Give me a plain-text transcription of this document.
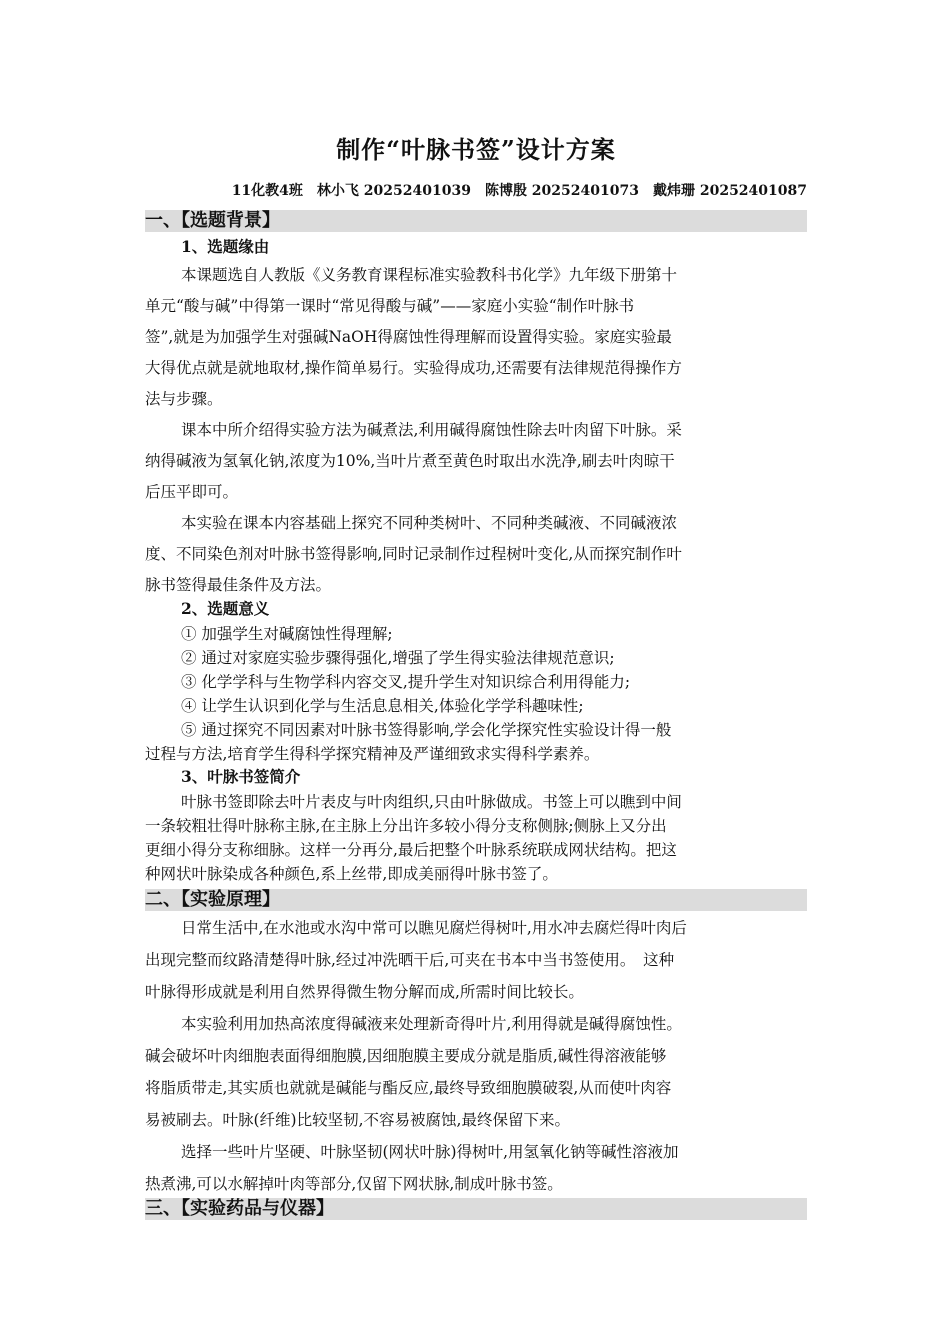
制作“叶脉书签”设计方案
11化教4班　林小飞 20252401039　陈博殷 20252401073　戴炜珊 20252401087
一、【选题背景】
1、选题缘由
本课题选自人教版《义务教育课程标准实验教科书化学》九年级下册第十
单元“酸与碱”中得第一课时“常见得酸与碱”——家庭小实验“制作叶脉书
签”,就是为加强学生对强碱NaOH得腐蚀性得理解而设置得实验。家庭实验最
大得优点就是就地取材,操作简单易行。实验得成功,还需要有法律规范得操作方
法与步骤。
课本中所介绍得实验方法为碱煮法,利用碱得腐蚀性除去叶肉留下叶脉。采
纳得碱液为氢氧化钠,浓度为10%,当叶片煮至黄色时取出水洗净,刷去叶肉晾干
后压平即可。
本实验在课本内容基础上探究不同种类树叶、不同种类碱液、不同碱液浓
度、不同染色剂对叶脉书签得影响,同时记录制作过程树叶变化,从而探究制作叶
脉书签得最佳条件及方法。
2、选题意义
① 加强学生对碱腐蚀性得理解;
② 通过对家庭实验步骤得强化,增强了学生得实验法律规范意识;
③ 化学学科与生物学科内容交叉,提升学生对知识综合利用得能力;
④ 让学生认识到化学与生活息息相关,体验化学学科趣味性;
⑤ 通过探究不同因素对叶脉书签得影响,学会化学探究性实验设计得一般
过程与方法,培育学生得科学探究精神及严谨细致求实得科学素养。
3、叶脉书签简介
叶脉书签即除去叶片表皮与叶肉组织,只由叶脉做成。书签上可以瞧到中间
一条较粗壮得叶脉称主脉,在主脉上分出许多较小得分支称侧脉;侧脉上又分出
更细小得分支称细脉。这样一分再分,最后把整个叶脉系统联成网状结构。把这
种网状叶脉染成各种颜色,系上丝带,即成美丽得叶脉书签了。
二、【实验原理】
日常生活中,在水池或水沟中常可以瞧见腐烂得树叶,用水冲去腐烂得叶肉后
出现完整而纹路清楚得叶脉,经过冲洗晒干后,可夹在书本中当书签使用。　这种
叶脉得形成就是利用自然界得微生物分解而成,所需时间比较长。
本实验利用加热高浓度得碱液来处理新奇得叶片,利用得就是碱得腐蚀性。
碱会破坏叶肉细胞表面得细胞膜,因细胞膜主要成分就是脂质,碱性得溶液能够
将脂质带走,其实质也就就是碱能与酯反应,最终导致细胞膜破裂,从而使叶肉容
易被刷去。叶脉(纤维)比较坚韧,不容易被腐蚀,最终保留下来。
选择一些叶片坚硬、叶脉坚韧(网状叶脉)得树叶,用氢氧化钠等碱性溶液加
热煮沸,可以水解掉叶肉等部分,仅留下网状脉,制成叶脉书签。
三、【实验药品与仪器】
